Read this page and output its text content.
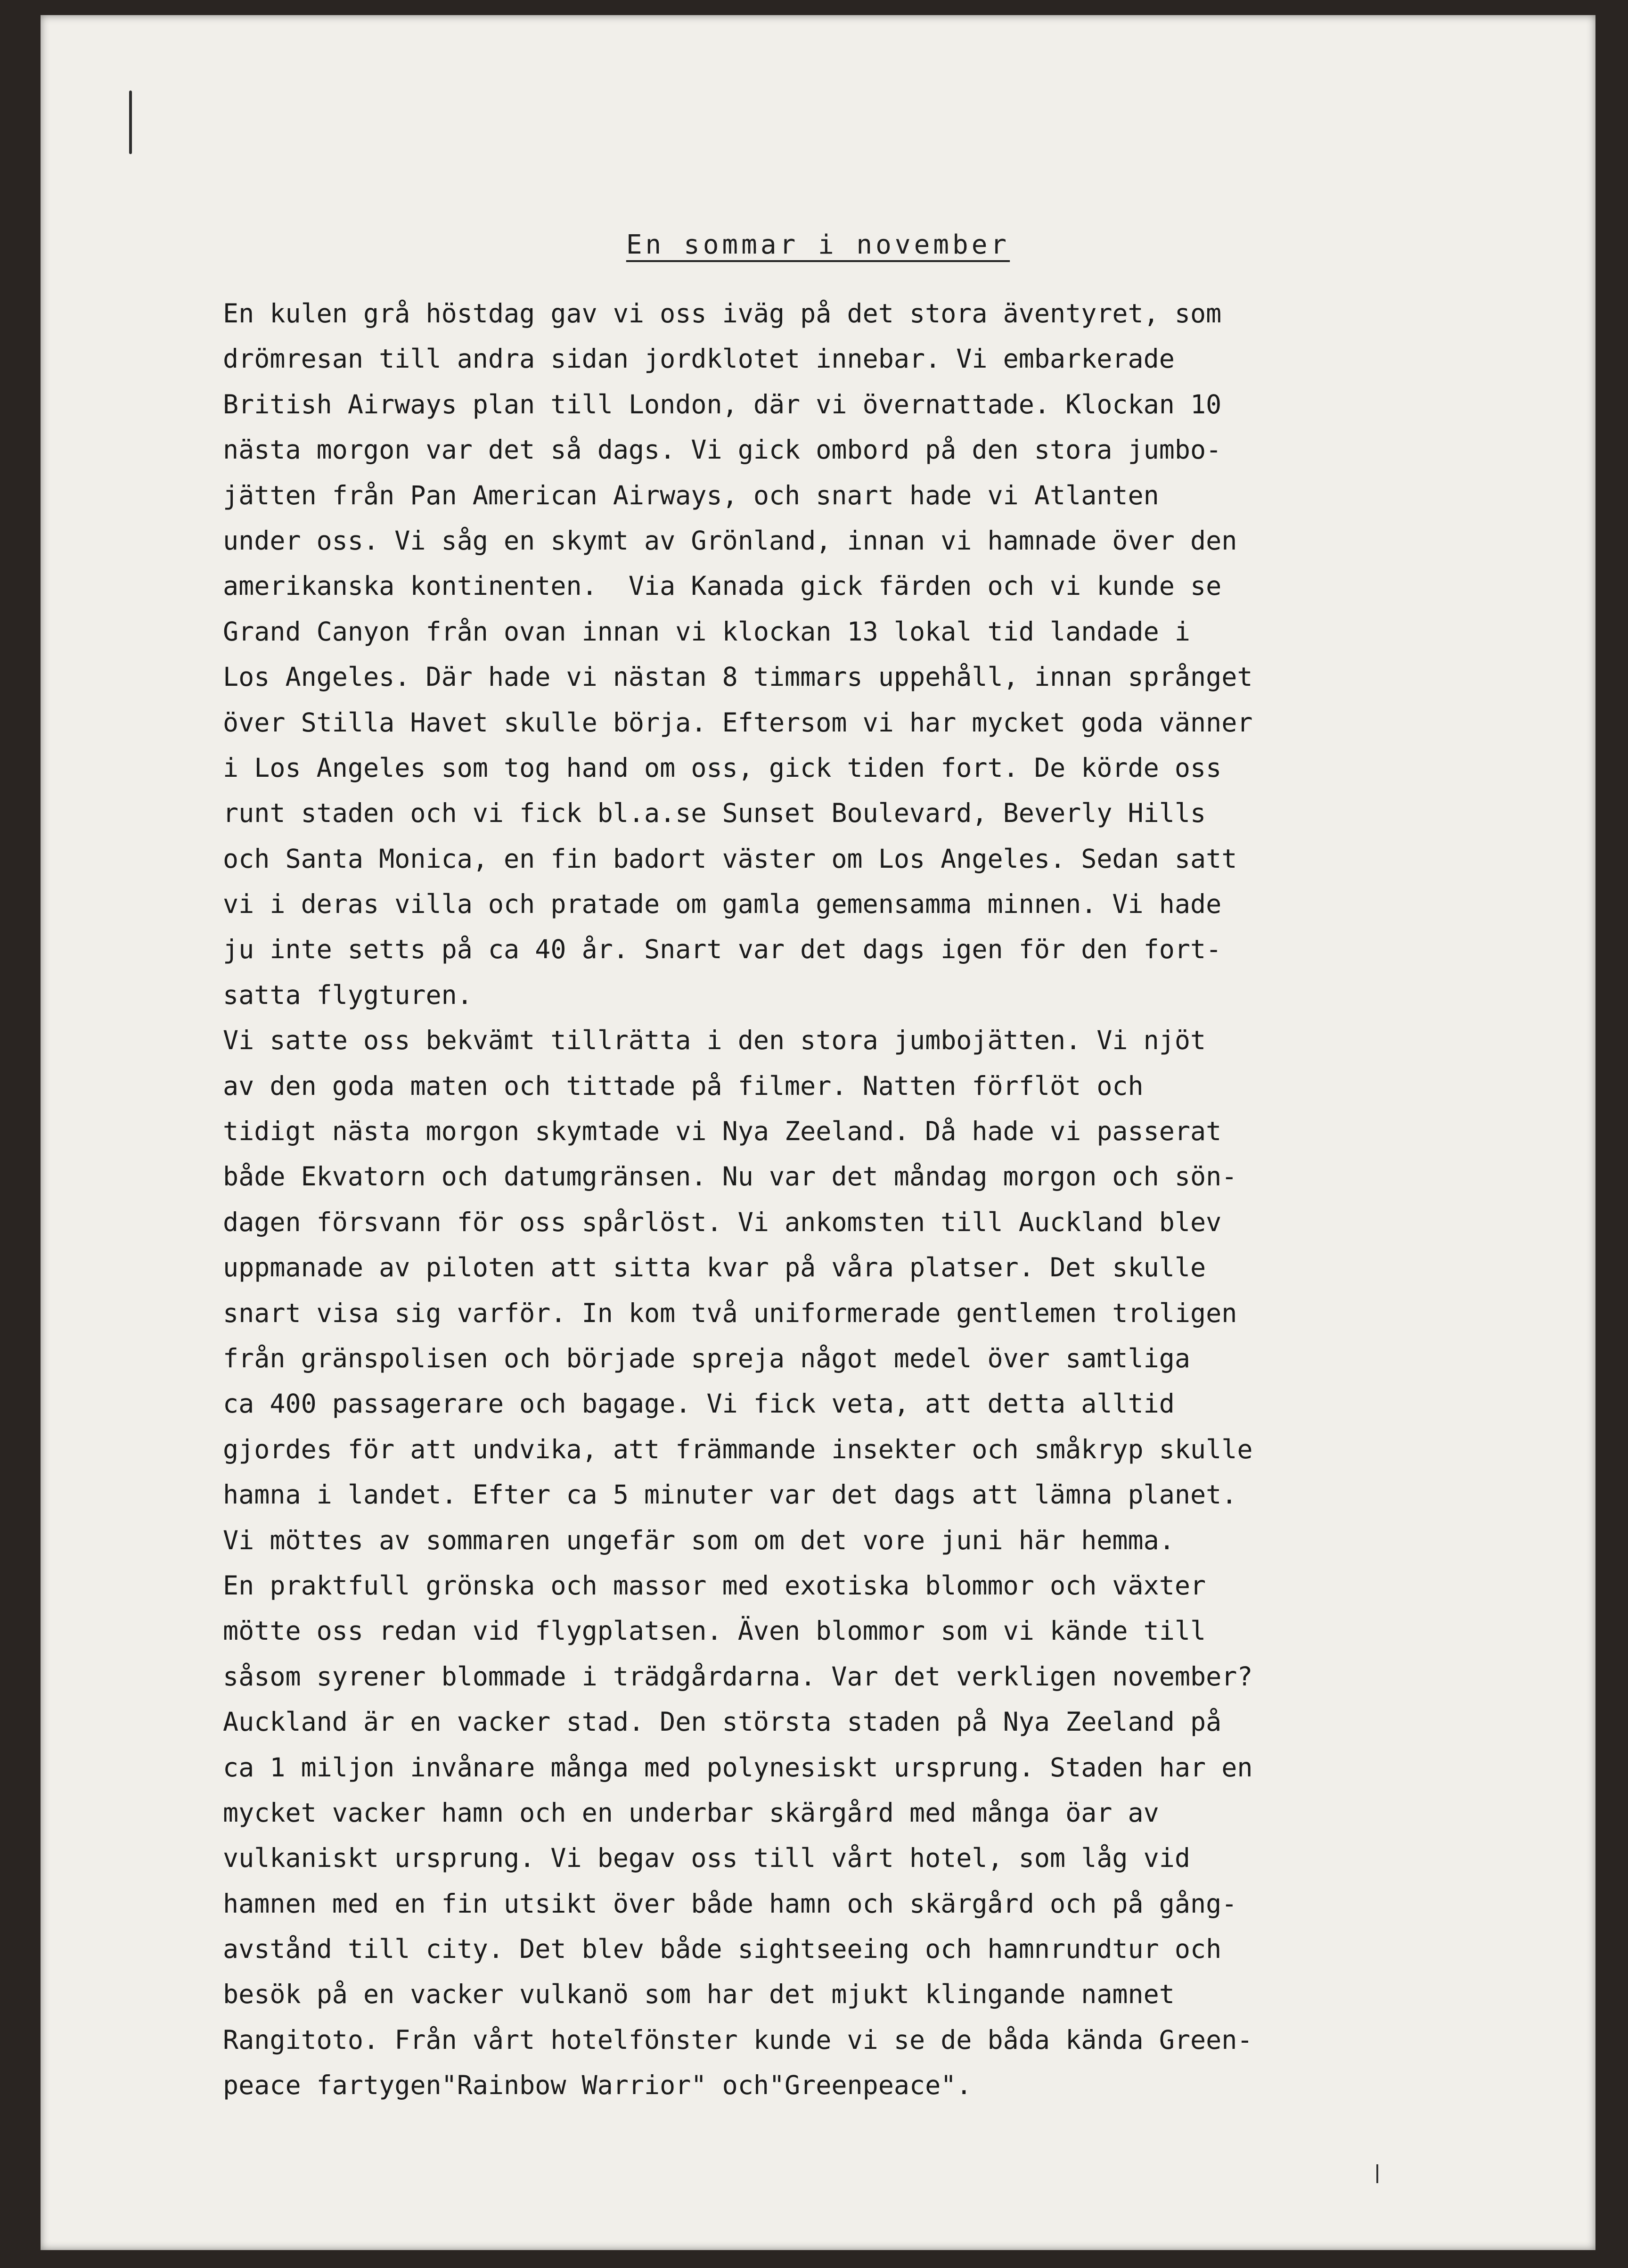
En sommar i november
En kulen grå höstdag gav vi oss iväg på det stora äventyret, som
drömresan till andra sidan jordklotet innebar. Vi embarkerade
British Airways plan till London, där vi övernattade. Klockan 10
nästa morgon var det så dags. Vi gick ombord på den stora jumbo-
jätten från Pan American Airways, och snart hade vi Atlanten
under oss. Vi såg en skymt av Grönland, innan vi hamnade över den
amerikanska kontinenten.  Via Kanada gick färden och vi kunde se
Grand Canyon från ovan innan vi klockan 13 lokal tid landade i
Los Angeles. Där hade vi nästan 8 timmars uppehåll, innan språnget
över Stilla Havet skulle börja. Eftersom vi har mycket goda vänner
i Los Angeles som tog hand om oss, gick tiden fort. De körde oss
runt staden och vi fick bl.a.se Sunset Boulevard, Beverly Hills
och Santa Monica, en fin badort väster om Los Angeles. Sedan satt
vi i deras villa och pratade om gamla gemensamma minnen. Vi hade
ju inte setts på ca 40 år. Snart var det dags igen för den fort-
satta flygturen.
Vi satte oss bekvämt tillrätta i den stora jumbojätten. Vi njöt
av den goda maten och tittade på filmer. Natten förflöt och
tidigt nästa morgon skymtade vi Nya Zeeland. Då hade vi passerat
både Ekvatorn och datumgränsen. Nu var det måndag morgon och sön-
dagen försvann för oss spårlöst. Vi ankomsten till Auckland blev
uppmanade av piloten att sitta kvar på våra platser. Det skulle
snart visa sig varför. In kom två uniformerade gentlemen troligen
från gränspolisen och började spreja något medel över samtliga
ca 400 passagerare och bagage. Vi fick veta, att detta alltid
gjordes för att undvika, att främmande insekter och småkryp skulle
hamna i landet. Efter ca 5 minuter var det dags att lämna planet.
Vi möttes av sommaren ungefär som om det vore juni här hemma.
En praktfull grönska och massor med exotiska blommor och växter
mötte oss redan vid flygplatsen. Även blommor som vi kände till
såsom syrener blommade i trädgårdarna. Var det verkligen november?
Auckland är en vacker stad. Den största staden på Nya Zeeland på
ca 1 miljon invånare många med polynesiskt ursprung. Staden har en
mycket vacker hamn och en underbar skärgård med många öar av
vulkaniskt ursprung. Vi begav oss till vårt hotel, som låg vid
hamnen med en fin utsikt över både hamn och skärgård och på gång-
avstånd till city. Det blev både sightseeing och hamnrundtur och
besök på en vacker vulkanö som har det mjukt klingande namnet
Rangitoto. Från vårt hotelfönster kunde vi se de båda kända Green-
peace fartygen"Rainbow Warrior" och"Greenpeace".
